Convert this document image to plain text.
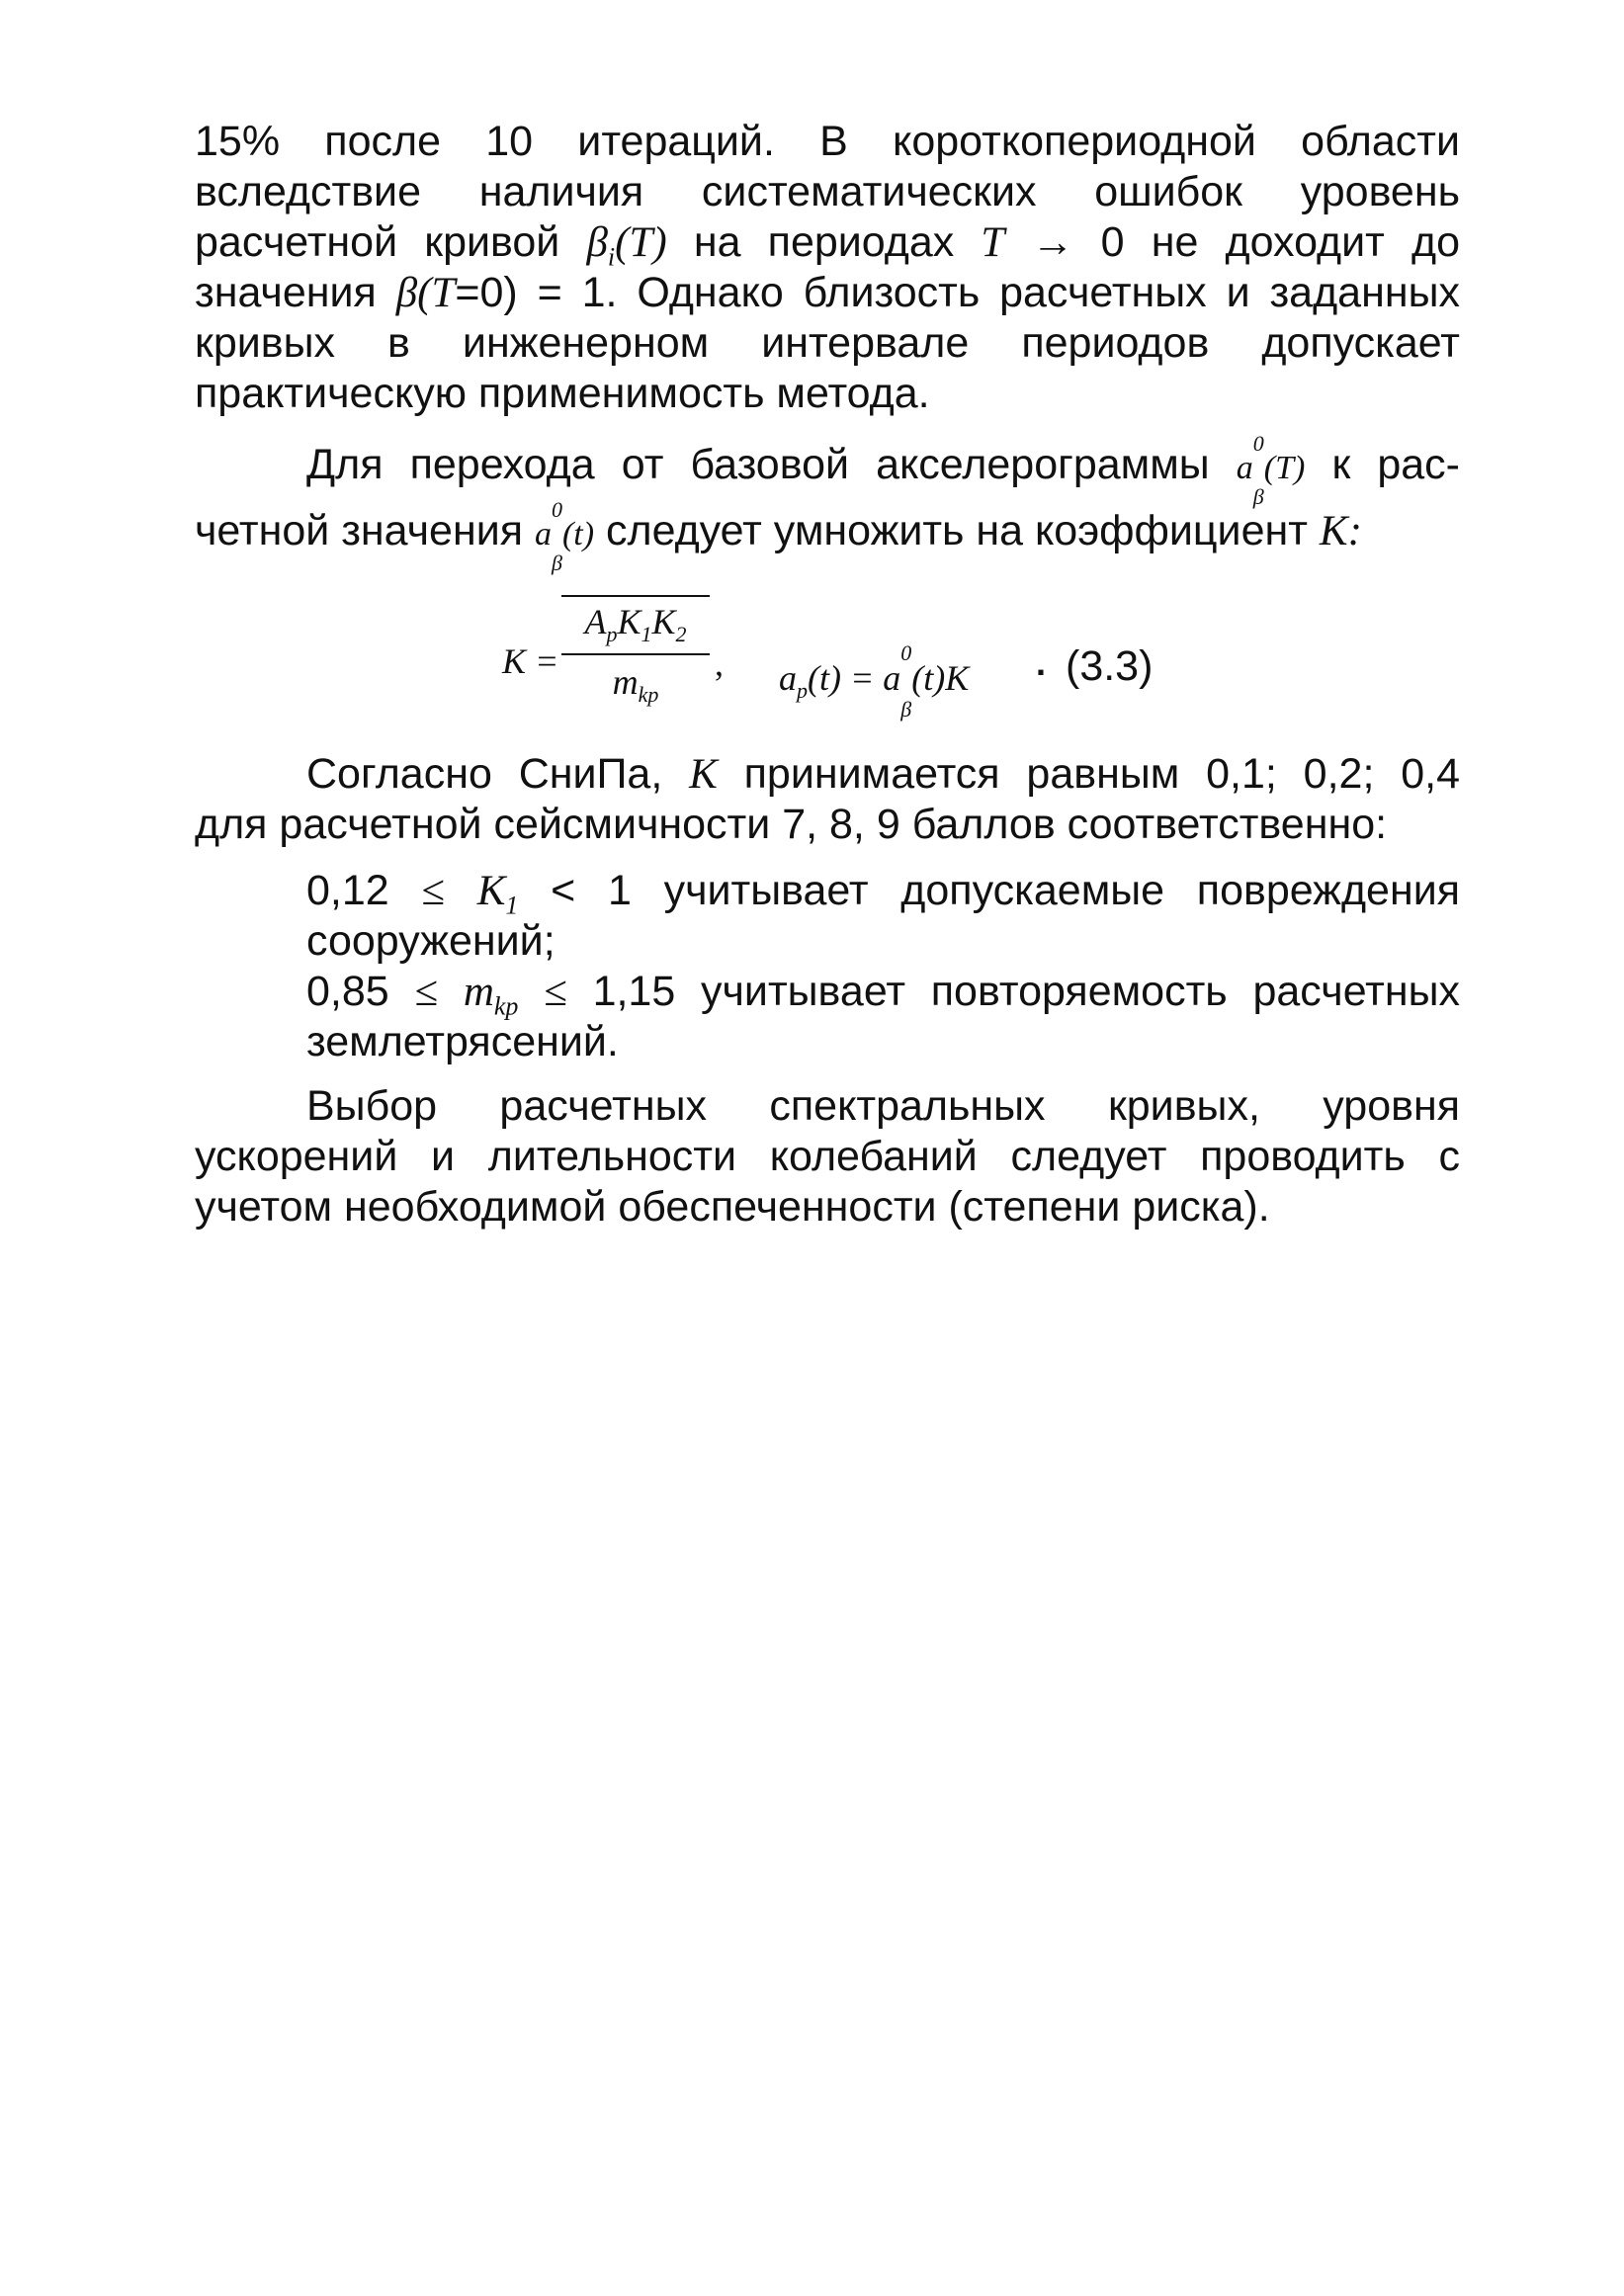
15% после 10 итераций. В короткопериодной области

вследствие наличия систематических ошибок уровень

расчетной кривой $\beta_i(T)$ на периодах T → 0 не доходит до

значения β(T=0) = 1. Однако близость расчетных и заданных

кривых в инженерном интервале периодов допускает

практическую применимость метода.

Для перехода от базовой акселерограммы $a^0$
$_\beta$(T) к рас-

четной значения $a^0$
$_\beta$(t) следует умножить на коэффициент K:

K =
$A_pK_1K_2$
$m_{kp}$
, $a_p(t) = a^0$
$_\beta$(t)K . (3.3)

Согласно СниПа, K принимается равным 0,1; 0,2; 0,4

для расчетной сейсмичности 7, 8, 9 баллов соответственно:

$0,12 \le K_1 < 1$ учитывает допускаемые повреждения

сооружений;

$0,85 \le m_{kp} \le 1,15$ учитывает повторяемость расчетных

землетрясений.

Выбор расчетных спектральных кривых, уровня

ускорений и лительности колебаний следует проводить с

учетом необходимой обеспеченности (степени риска).
